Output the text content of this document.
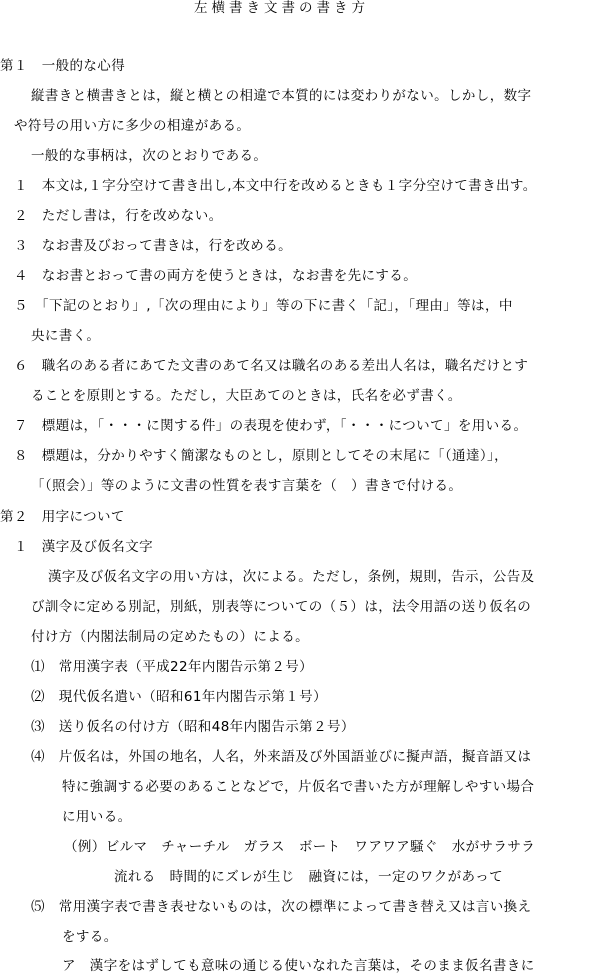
左横書き文書の書き方
第１　一般的な心得
縦書きと横書きとは，縦と横との相違で本質的には変わりがない。しかし，数字
や符号の用い方に多少の相違がある。
一般的な事柄は，次のとおりである。
１　本文は,１字分空けて書き出し,本文中行を改めるときも１字分空けて書き出す。
２　ただし書は，行を改めない。
３　なお書及びおって書きは，行を改める。
４　なお書とおって書の両方を使うときは，なお書を先にする。
５　「下記のとおり」,「次の理由により」等の下に書く「記」，「理由」等は，中
央に書く。
６　職名のある者にあてた文書のあて名又は職名のある差出人名は，職名だけとす
ることを原則とする。ただし，大臣あてのときは，氏名を必ず書く。
７　標題は，「・・・に関する件」の表現を使わず，「・・・について」を用いる。
８　標題は，分かりやすく簡潔なものとし，原則としてその末尾に「（通達）」，
「（照会）」等のように文書の性質を表す言葉を（　）書きで付ける。
第２　用字について
１　漢字及び仮名文字
漢字及び仮名文字の用い方は，次による。ただし，条例，規則，告示，公告及
び訓令に定める別記，別紙，別表等についての（５）は，法令用語の送り仮名の
付け方（内閣法制局の定めたもの）による。
⑴　常用漢字表（平成22年内閣告示第２号）
⑵　現代仮名遣い（昭和61年内閣告示第１号）
⑶　送り仮名の付け方（昭和48年内閣告示第２号）
⑷　片仮名は，外国の地名，人名，外来語及び外国語並びに擬声語，擬音語又は
特に強調する必要のあることなどで，片仮名で書いた方が理解しやすい場合
に用いる。
（例）ビルマ　チャーチル　ガラス　ボート　ワアワア騒ぐ　水がサラサラ
流れる　時間的にズレが生じ　融資には，一定のワクがあって
⑸　常用漢字表で書き表せないものは，次の標準によって書き替え又は言い換え
をする。
ア　漢字をはずしても意味の通じる使いなれた言葉は，そのまま仮名書きに
